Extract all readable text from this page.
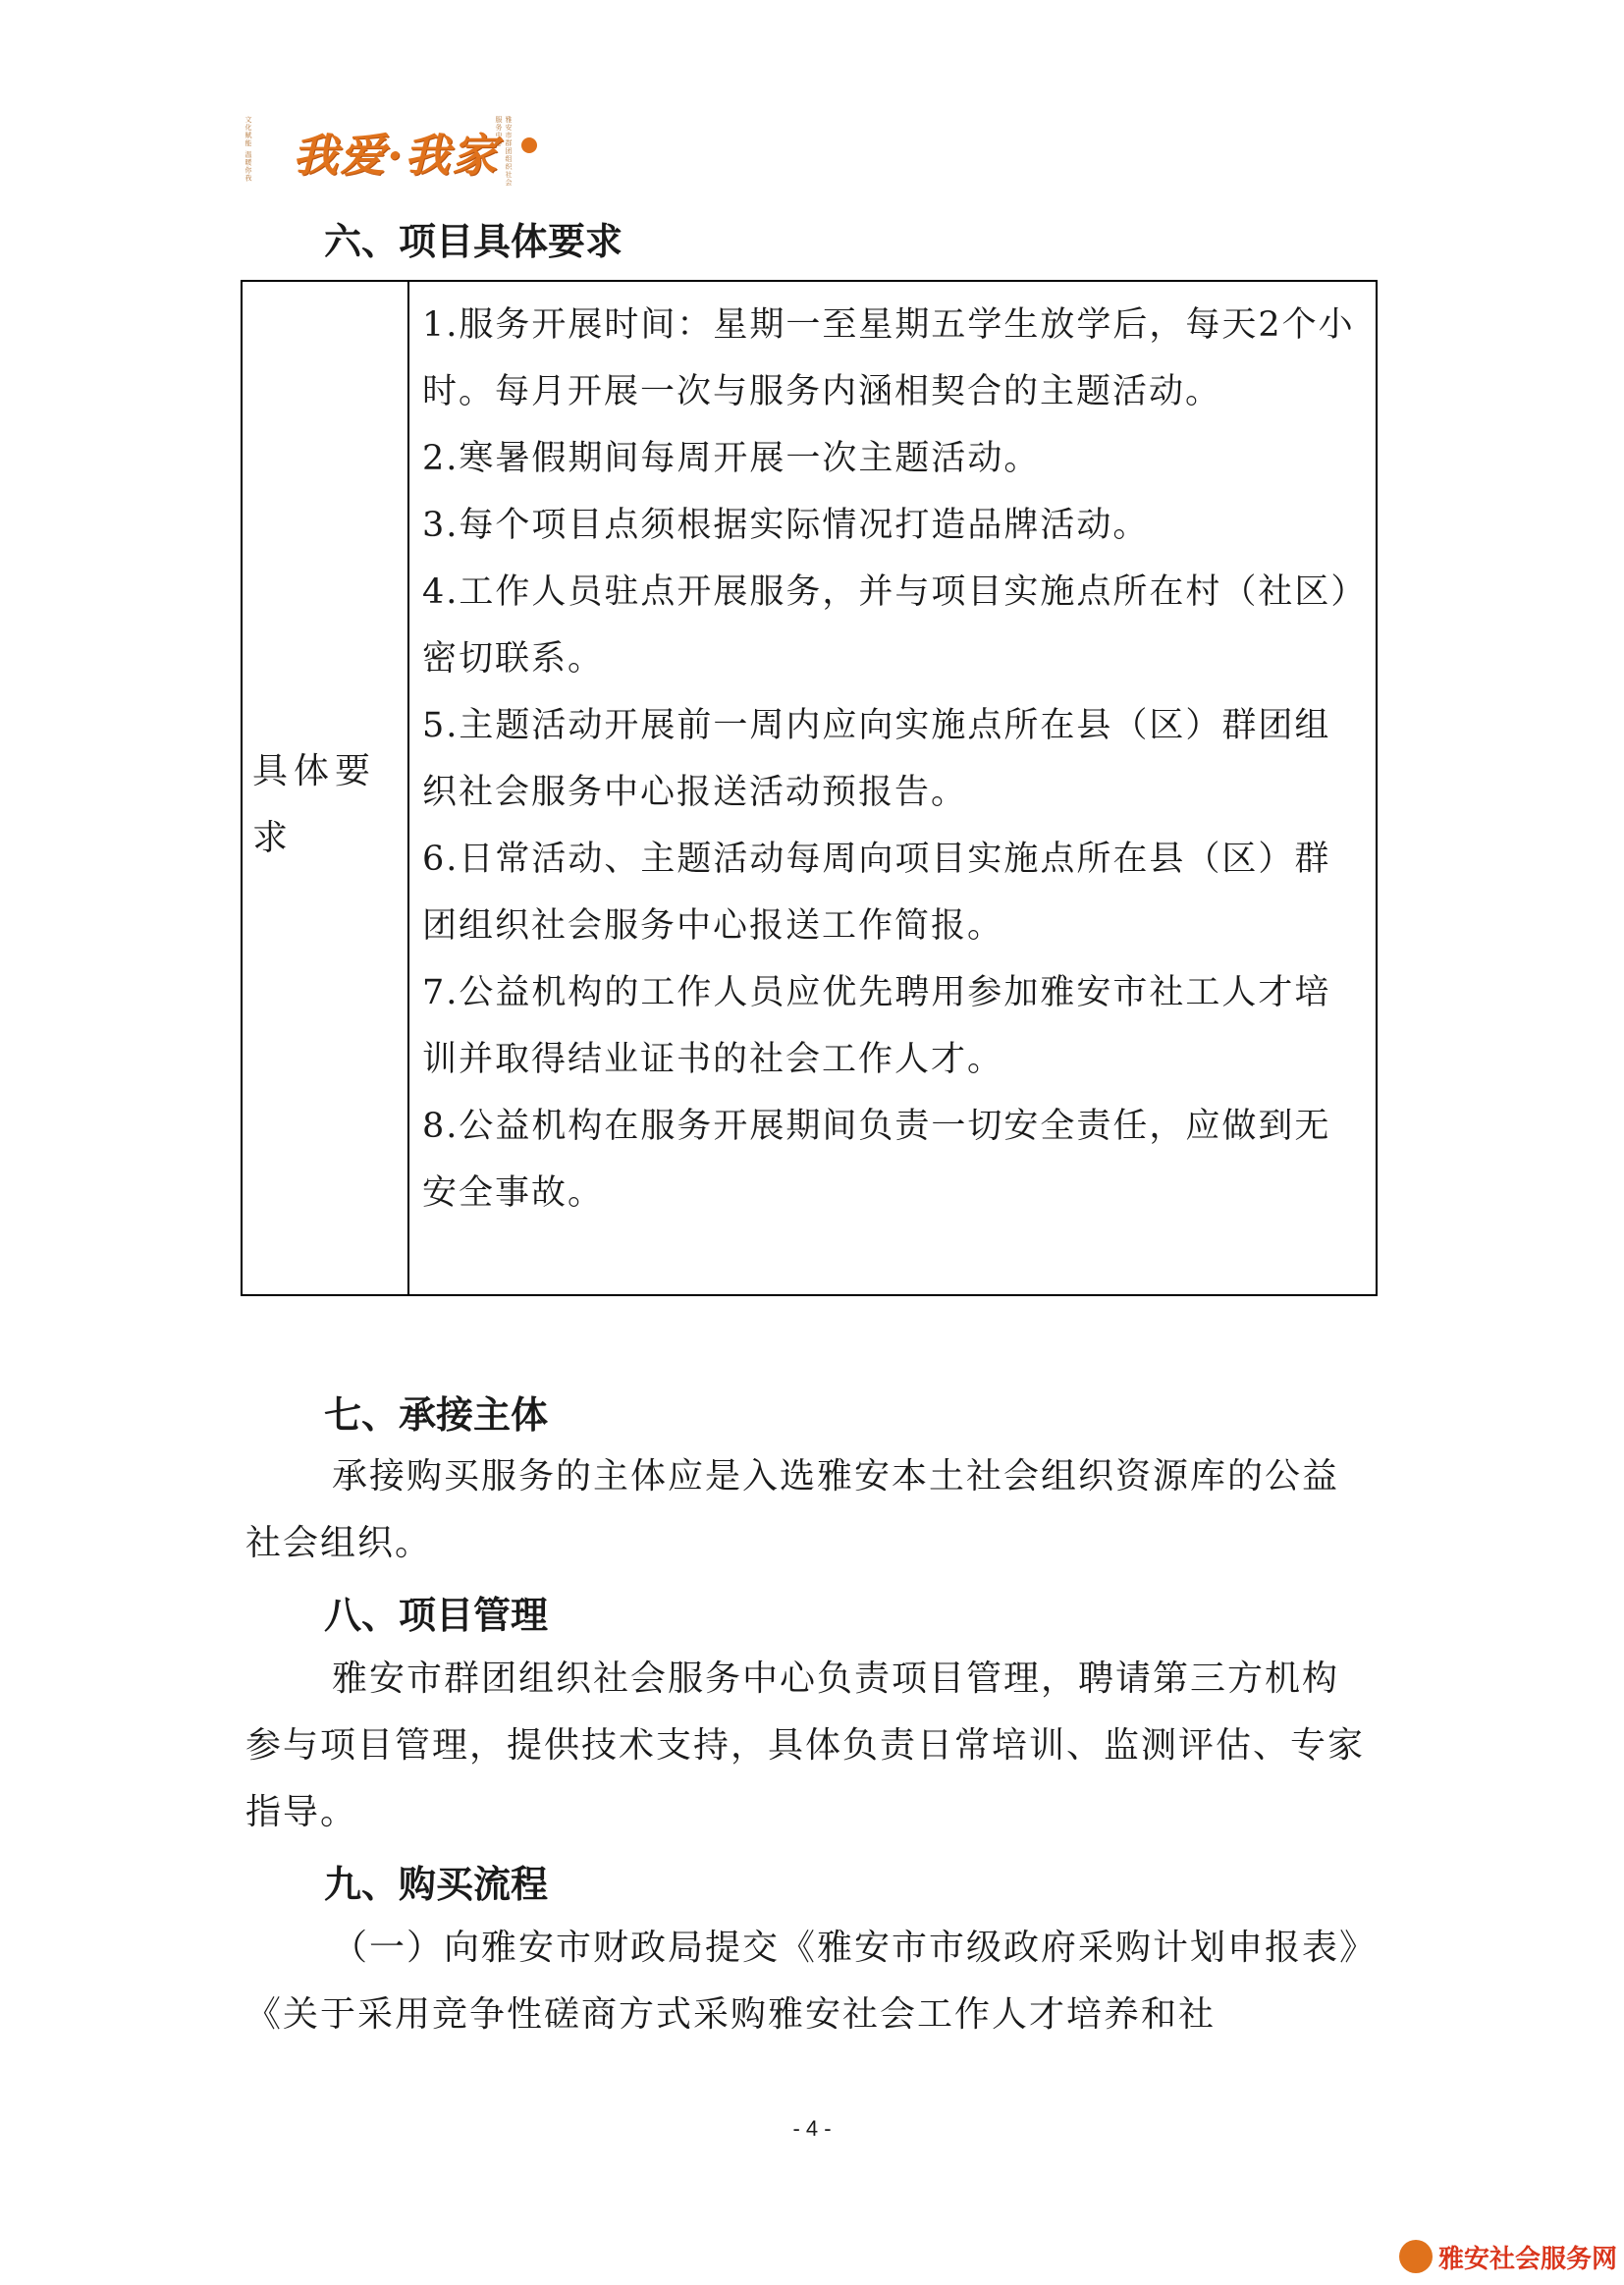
文化赋能 温暖你我 我爱·我家 雅安市群团组织社会服务中心
六、项目具体要求
具体要求

1.服务开展时间：星期一至星期五学生放学后，每天2个小时。每月开展一次与服务内涵相契合的主题活动。

2.寒暑假期间每周开展一次主题活动。

3.每个项目点须根据实际情况打造品牌活动。

4.工作人员驻点开展服务，并与项目实施点所在村（社区）密切联系。

5.主题活动开展前一周内应向实施点所在县（区）群团组织社会服务中心报送活动预报告。

6.日常活动、主题活动每周向项目实施点所在县（区）群团组织社会服务中心报送工作简报。

7.公益机构的工作人员应优先聘用参加雅安市社工人才培训并取得结业证书的社会工作人才。

8.公益机构在服务开展期间负责一切安全责任，应做到无安全事故。

七、承接主体
承接购买服务的主体应是入选雅安本土社会组织资源库的公益社会组织。
八、项目管理
雅安市群团组织社会服务中心负责项目管理，聘请第三方机构参与项目管理，提供技术支持，具体负责日常培训、监测评估、专家指导。
九、购买流程
（一）向雅安市财政局提交《雅安市市级政府采购计划申报表》《关于采用竞争性磋商方式采购雅安社会工作人才培养和社
- 4 -
雅安社会服务网
